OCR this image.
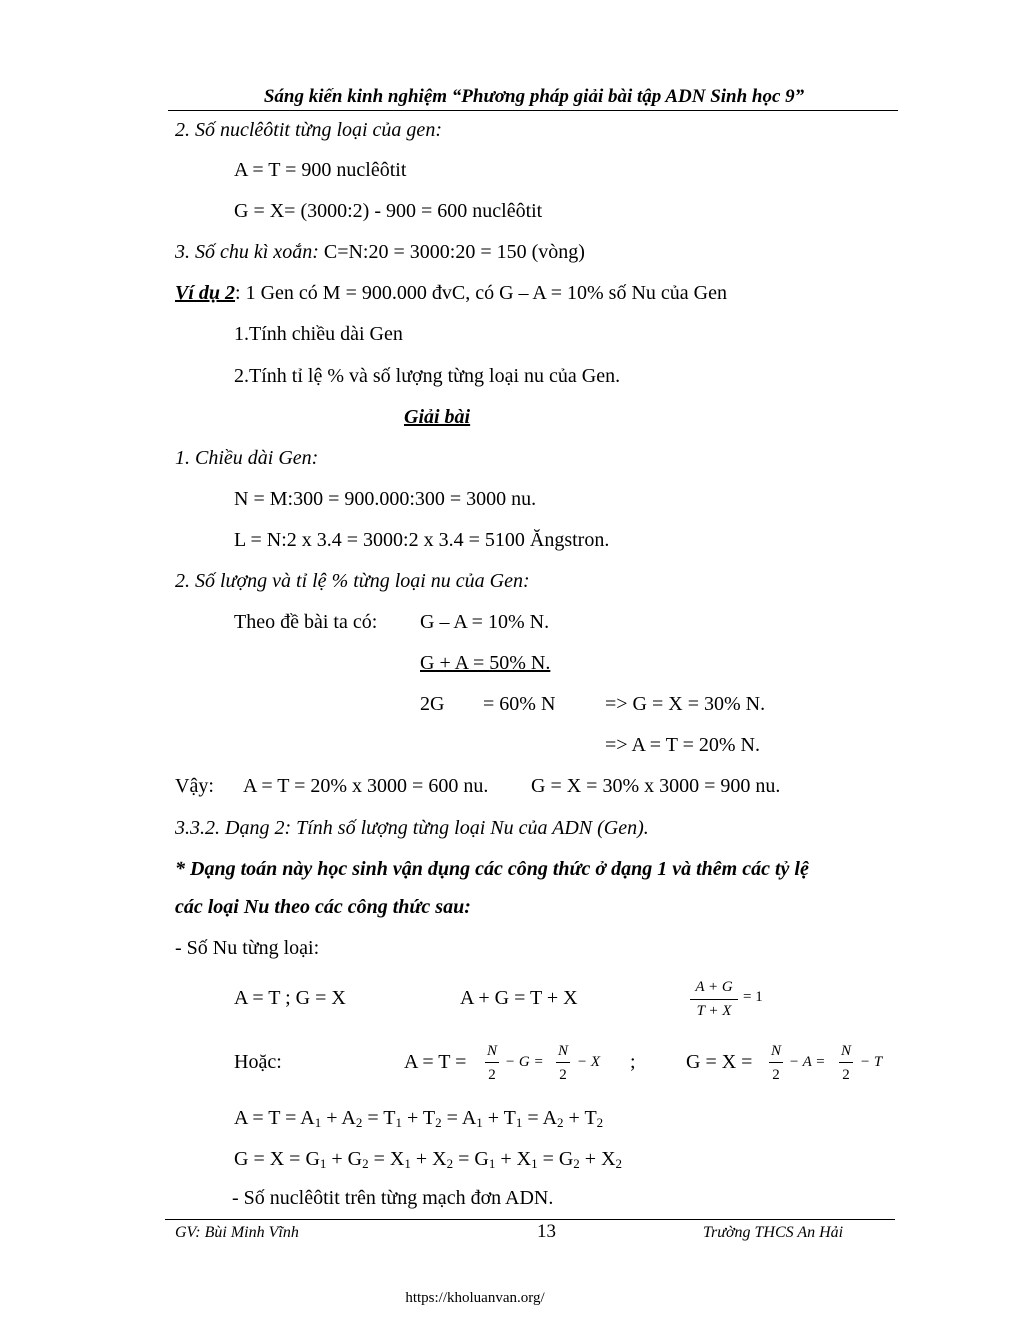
Sáng kiến kinh nghiệm “Phương pháp giải bài tập ADN Sinh học 9”
2. Số nuclêôtit từng loại của gen:
A = T = 900 nuclêôtit
G = X= (3000:2) - 900 = 600 nuclêôtit
3. Số chu kì xoắn: C=N:20 = 3000:20 = 150 (vòng)
Ví dụ 2: 1 Gen có M = 900.000 đvC, có G – A = 10% số Nu của Gen
1.Tính chiều dài Gen
2.Tính tỉ lệ % và số lượng từng loại nu của Gen.
Giải bài
1. Chiều dài Gen:
N = M:300 = 900.000:300 = 3000 nu.
L = N:2 x 3.4 = 3000:2 x 3.4 = 5100 Ăngstron.
2. Số lượng và tỉ lệ % từng loại nu của Gen:
Theo đề bài ta có: G – A = 10% N.
G + A = 50% N.
2G = 60% N => G = X = 30% N.
=> A = T = 20% N.
Vậy: A = T = 20% x 3000 = 600 nu. G = X = 30% x 3000 = 900 nu.
3.3.2. Dạng 2: Tính số lượng từng loại Nu của ADN (Gen).
* Dạng toán này học sinh vận dụng các công thức ở dạng 1 và thêm các tỷ lệ
các loại Nu theo các công thức sau:
- Số Nu từng loại:
A = T ; G = X	A + G = T + X	A + G
T + X
= 1
Hoặc:	A = T = N
2
− G =
N
2
− X ;	G = X = N
2
− A =
N
2
− T
$A = T = A_1 + A_2 = T_1 + T_2 = A_1 + T_1 = A_2 + T_2$
$G = X = G_1 + G_2 = X_1 + X_2 = G_1 + X_1 = G_2 + X_2$
- Số nuclêôtit trên từng mạch đơn ADN.
GV: Bùi Minh Vĩnh	13	Trường THCS An Hải
https://kholuanvan.org/
